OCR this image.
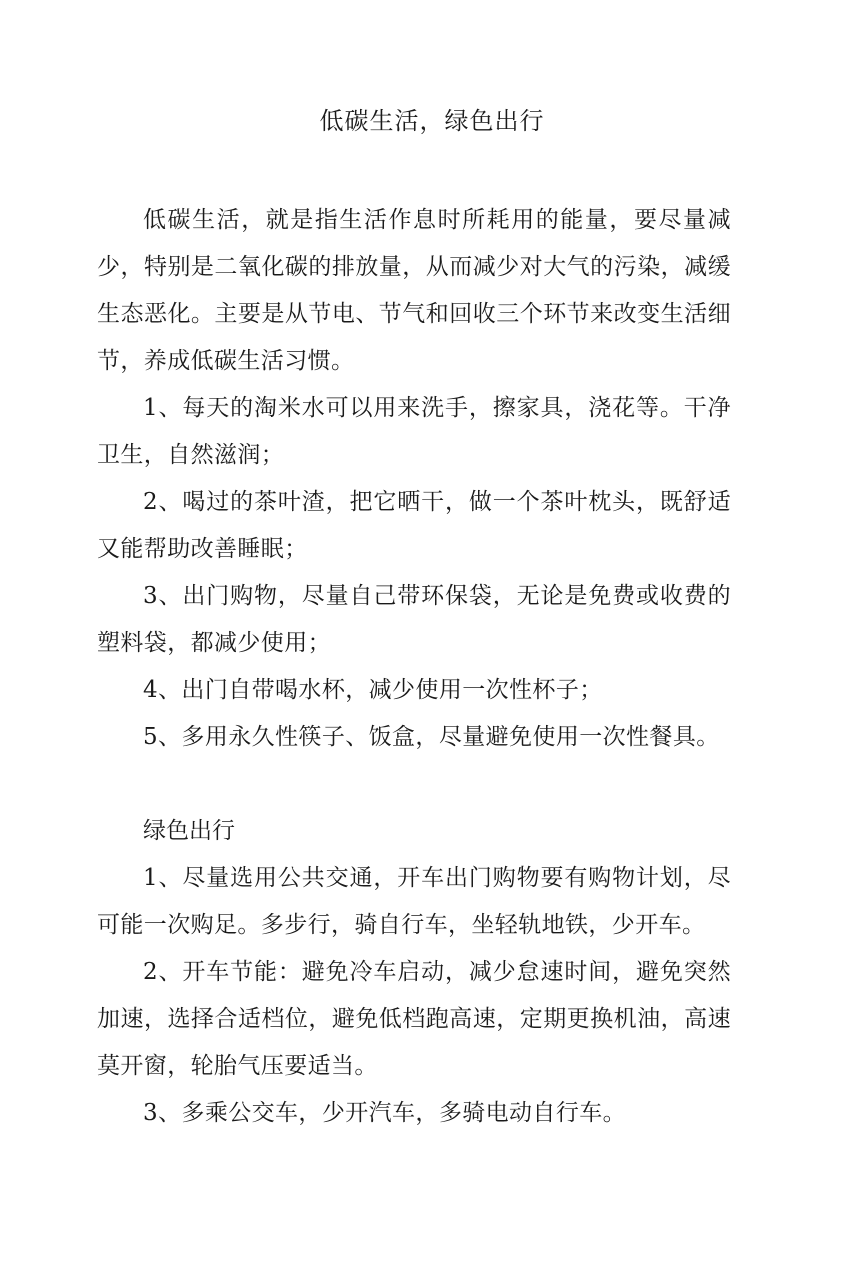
低碳生活，绿色出行

低碳生活，就是指生活作息时所耗用的能量，要尽量减少，特别是二氧化碳的排放量，从而减少对大气的污染，减缓生态恶化。主要是从节电、节气和回收三个环节来改变生活细节，养成低碳生活习惯。

1、每天的淘米水可以用来洗手，擦家具，浇花等。干净卫生，自然滋润；

2、喝过的茶叶渣，把它晒干，做一个茶叶枕头，既舒适又能帮助改善睡眠；

3、出门购物，尽量自己带环保袋，无论是免费或收费的塑料袋，都减少使用；

4、出门自带喝水杯，减少使用一次性杯子；

5、多用永久性筷子、饭盒，尽量避免使用一次性餐具。

绿色出行

1、尽量选用公共交通，开车出门购物要有购物计划，尽可能一次购足。多步行，骑自行车，坐轻轨地铁，少开车。

2、开车节能：避免冷车启动，减少怠速时间，避免突然加速，选择合适档位，避免低档跑高速，定期更换机油，高速莫开窗，轮胎气压要适当。

3、多乘公交车，少开汽车，多骑电动自行车。
